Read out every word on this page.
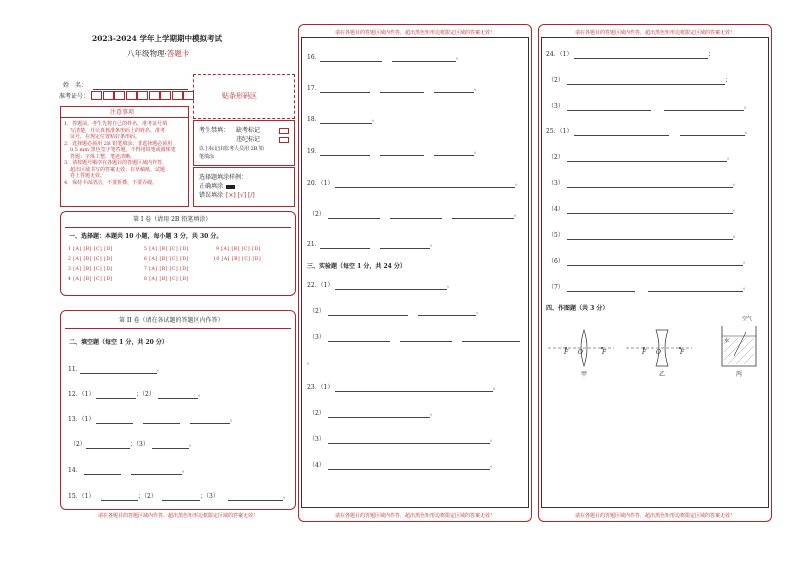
2023-2024 学年上学期期中模拟考试
八年级物理·答题卡
姓　名：
准考证号：
注意事项
1．答题前，考生先将自己的姓名，准考证号填
写清楚，并认真核准条形码上的姓名、准考
证号，在规定位置贴好条形码。
2．选择题必须用 2B 铅笔填涂；非选择题必须用
0.5 mm 黑色签字笔答题，不得用铅笔或圆珠笔
答题；字体工整、笔迹清晰。
3．请按题号顺序在各题目的答题区域内作答，
超出区域书写的答案无效；在草稿纸、试题
卷上答题无效。
4．保持卡面清洁，不要折叠、不要弄破。
贴条形码区
考生禁填： 缺考标记
违纪标记
以上标记由监考人员用 2B 铅
笔填涂
选择题填涂样例：
正确填涂
错误填涂 [×] [√] [/]
第 I 卷（请用 2B 铅笔填涂）
一、选择题：本题共 10 小题，每小题 3 分，共 30 分。
1 [A] [B] [C] [D]
2 [A] [B] [C] [D]
3 [A] [B] [C] [D]
4 [A] [B] [C] [D]
5 [A] [B] [C] [D]
6 [A] [B] [C] [D]
7 [A] [B] [C] [D]
8 [A] [B] [C] [D]
9 [A] [B] [C] [D]
10 [A] [B] [C] [D]
第 II 卷（请在各试题的答题区内作答）
二、填空题（每空 1 分，共 20 分）
11．	。
12．（1）	；（2）	。
13．（1）	。
（2）	；（3）	。
14．	。
15．（1）	；（2）	；（3）	。
请在各题目的答题区域内作答，超出黑色矩形边框限定区域的答案无效！
请在各题目的答题区域内作答，超出黑色矩形边框限定区域的答案无效！
请在各题目的答题区域内作答，超出黑色矩形边框限定区域的答案无效！
16．	。
17．	。
18．	。
19．	。
20．（1）	。
（2）	。
21．	。
三、实验题（每空 1 分，共 24 分）
22．（1）	，
（2）	，
（3）
。
23．（1）	。
（2）	。
（3）	。
（4）	。
请在各题目的答题区域内作答，超出黑色矩形边框限定区域的答案无效！
请在各题目的答题区域内作答，超出黑色矩形边框限定区域的答案无效！
24．（1）	；
（2）	；
（3）	。
25．（1）	。
（2）	。
（3）	。
（4）	。
（5）	。
（6）	。
（7）	。
四、作图题（共 3 分）
F O	F
甲
F O	F
乙
空气
水
丙
